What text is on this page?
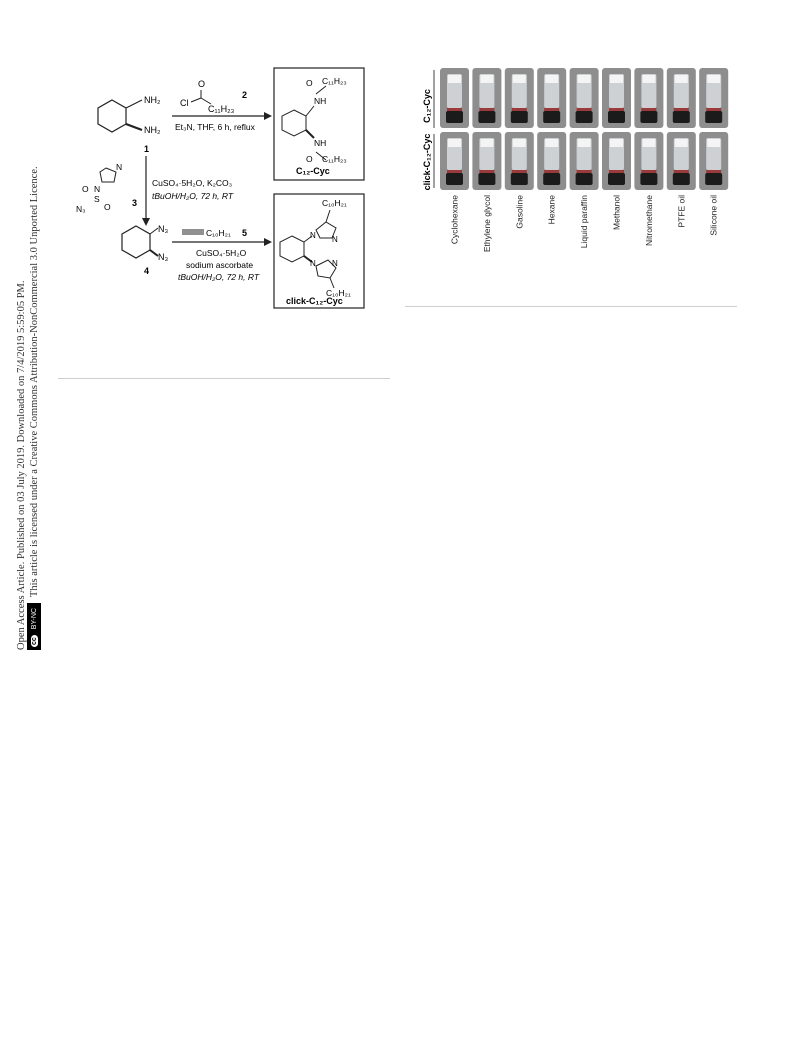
Open Access Article. Published on 03 July 2019. Downloaded on 7/4/2019 5:59:05 PM. cc
BY-NC
This article is licensed under a Creative Commons Attribution-NonCommercial 3.0 Unported Licence.
NH₂
NH₂
1
O
Cl
C₁₁H₂₃
2
Et₃N, THF, 6 h, reflux
NH
NH
O
O
C₁₁H₂₃
C₁₁H₂₃
C₁₂-Cyc
N
N
O
S
O
N₃
3
CuSO₄·5H₂O, K₂CO₃
tBuOH/H₂O, 72 h, RT
N₃
N₃
4
C₁₀H₂₁ 5
CuSO₄·5H₂O
sodium ascorbate
tBuOH/H₂O, 72 h, RT
N N
N N
C₁₀H₂₁
C₁₀H₂₁
click-C₁₂-Cyc
C₁₂-Cyc
click-C₁₂-Cyc
Cyclohexane	Ethylene glycol	Gasoline	Hexane	Liquid paraffin	Methanol	Nitromethane	PTFE oil	Silicone oil
